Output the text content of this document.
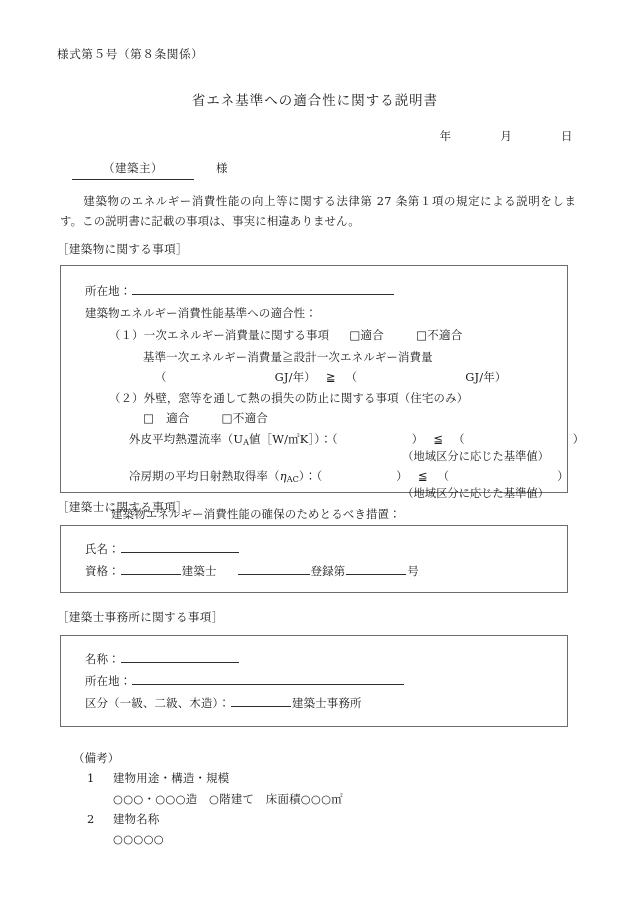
様式第５号（第８条関係）
省エネ基準への適合性に関する説明書
年	月	日
（建築主）	様
　建築物のエネルギー消費性能の向上等に関する法律第 27 条第１項の規定による説明をします。この説明書に記載の事項は、事実に相違ありません。
［建築物に関する事項］
所在地：
建築物エネルギー消費性能基準への適合性：
（１）一次エネルギー消費量に関する事項 □適合	□不適合
基準一次エネルギー消費量≧設計一次エネルギー消費量
（	GJ/年） ≧ （	GJ/年）
（２）外壁，窓等を通して熱の損失の防止に関する事項（住宅のみ）
□　適合	□不適合
外皮平均熱還流率（$U_A$値［W/㎡K］）：（	） ≦ （	）
（地域区分に応じた基準値）
冷房期の平均日射熱取得率$(\eta_{AC})$：（	） ≦ （	）
（地域区分に応じた基準値）
建築物エネルギー消費性能の確保のためとるべき措置：
［建築士に関する事項］
氏名：
資格：	建築士	登録第	号
［建築士事務所に関する事項］
名称：
所在地：
区分（一級、二級、木造）：	建築士事務所
（備考）
1 建物用途・構造・規模
○○○・○○○造　○階建て　床面積○○○㎡
2 建物名称
○○○○○
